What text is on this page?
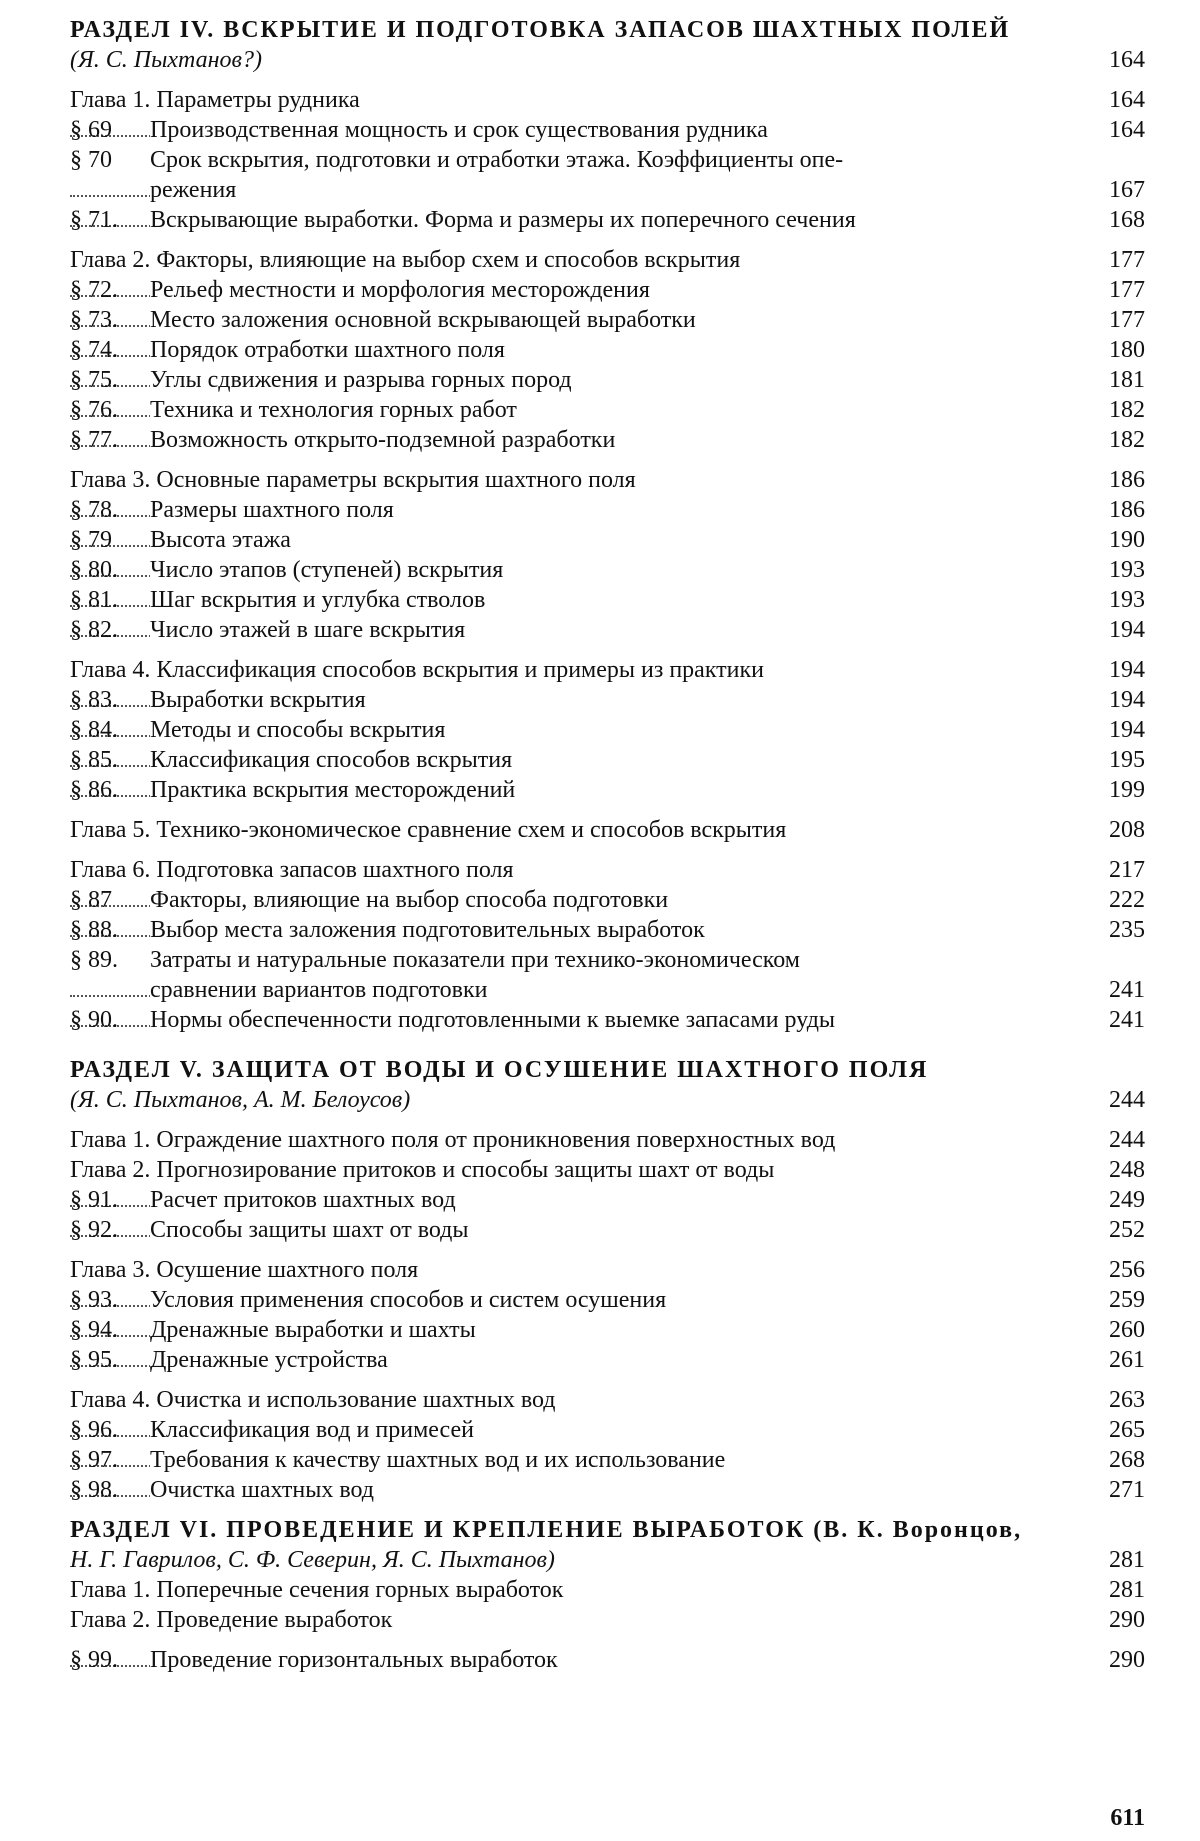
РАЗДЕЛ IV. ВСКРЫТИЕ И ПОДГОТОВКА ЗАПАСОВ ШАХТНЫХ ПОЛЕЙ
(Я. С. Пыхтанов?)	164
Глава 1. Параметры рудника	164
§ 69	Производственная мощность и срок существования рудника	164
§ 70	Срок вскрытия, подготовки и отработки этажа. Коэффициенты опе-
режения	167
§ 71.	Вскрывающие выработки. Форма и размеры их поперечного сечения	168
Глава 2. Факторы, влияющие на выбор схем и способов вскрытия	177
§ 72.	Рельеф местности и морфология месторождения	177
§ 73.	Место заложения основной вскрывающей выработки	177
§ 74.	Порядок отработки шахтного поля	180
§ 75.	Углы сдвижения и разрыва горных пород	181
§ 76.	Техника и технология горных работ	182
§ 77.	Возможность открыто-подземной разработки	182
Глава 3. Основные параметры вскрытия шахтного поля	186
§ 78.	Размеры шахтного поля	186
§ 79	Высота этажа	190
§ 80.	Число этапов (ступеней) вскрытия	193
§ 81.	Шаг вскрытия и углубка стволов	193
§ 82.	Число этажей в шаге вскрытия	194
Глава 4. Классификация способов вскрытия и примеры из практики	194
§ 83.	Выработки вскрытия	194
§ 84.	Методы и способы вскрытия	194
§ 85.	Классификация способов вскрытия	195
§ 86.	Практика вскрытия месторождений	199
Глава 5. Технико-экономическое сравнение схем и способов вскрытия	208
Глава 6. Подготовка запасов шахтного поля	217
§ 87	Факторы, влияющие на выбор способа подготовки	222
§ 88.	Выбор места заложения подготовительных выработок	235
§ 89.	Затраты и натуральные показатели при технико-экономическом
сравнении вариантов подготовки	241
§ 90.	Нормы обеспеченности подготовленными к выемке запасами руды	241
РАЗДЕЛ V. ЗАЩИТА ОТ ВОДЫ И ОСУШЕНИЕ ШАХТНОГО ПОЛЯ
(Я. С. Пыхтанов, А. М. Белоусов)	244
Глава 1. Ограждение шахтного поля от проникновения поверхностных вод	244
Глава 2. Прогнозирование притоков и способы защиты шахт от воды	248
§ 91.	Расчет притоков шахтных вод	249
§ 92.	Способы защиты шахт от воды	252
Глава 3. Осушение шахтного поля	256
§ 93.	Условия применения способов и систем осушения	259
§ 94.	Дренажные выработки и шахты	260
§ 95.	Дренажные устройства	261
Глава 4. Очистка и использование шахтных вод	263
§ 96.	Классификация вод и примесей	265
§ 97.	Требования к качеству шахтных вод и их использование	268
§ 98.	Очистка шахтных вод	271
РАЗДЕЛ VI. ПРОВЕДЕНИЕ И КРЕПЛЕНИЕ ВЫРАБОТОК (В. К. Воронцов,
Н. Г. Гаврилов, С. Ф. Северин, Я. С. Пыхтанов)	281
Глава 1. Поперечные сечения горных выработок	281
Глава 2. Проведение выработок	290
§ 99.	Проведение горизонтальных выработок	290
611
